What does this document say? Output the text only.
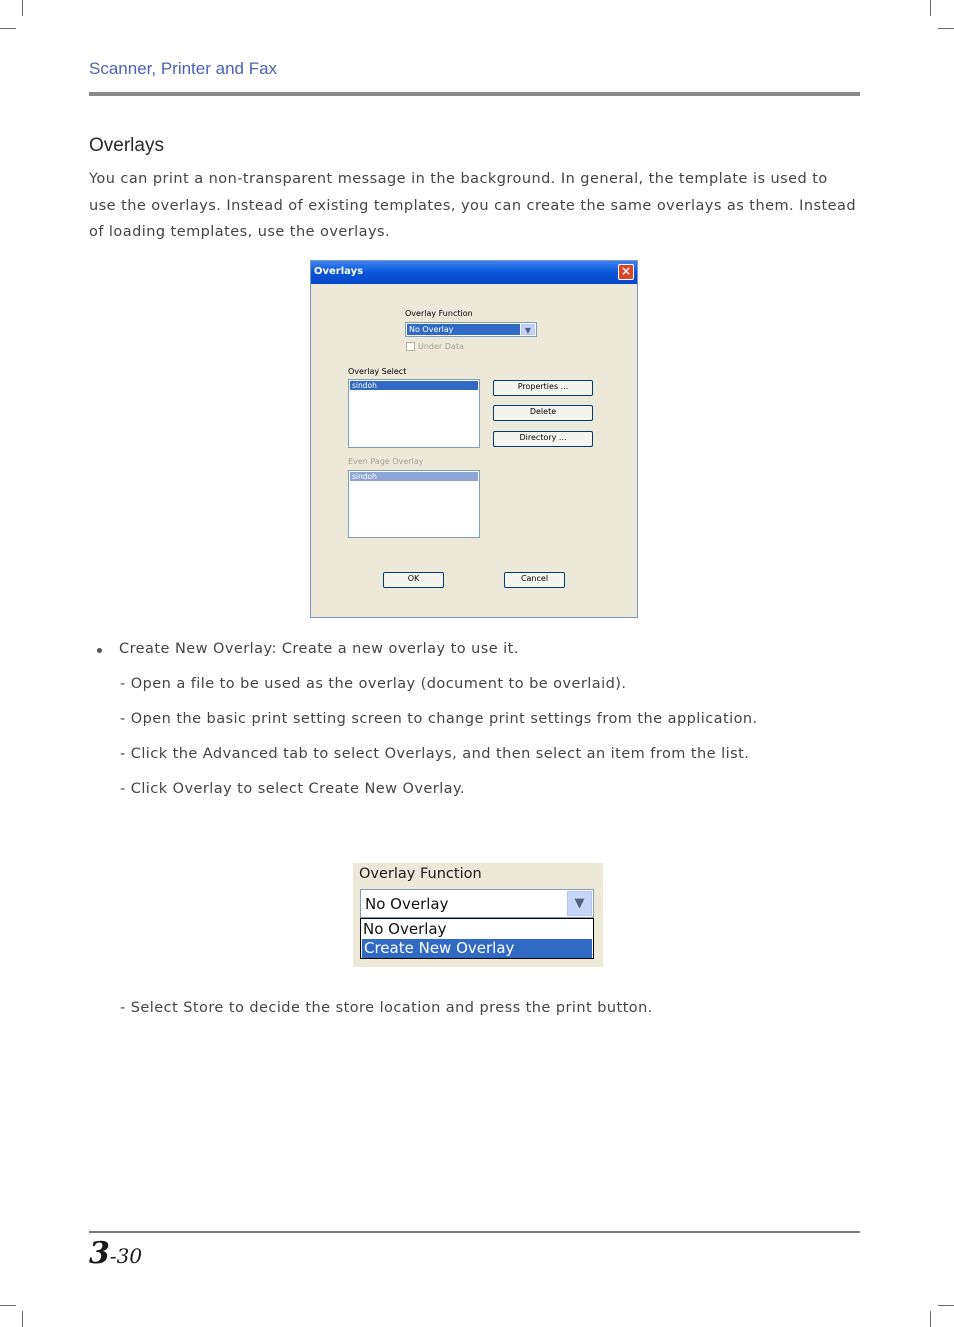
Scanner, Printer and Fax
Overlays

You can print a non-transparent message in the background. In general, the template is used to

use the overlays. Instead of existing templates, you can create the same overlays as them. Instead

of loading templates, use the overlays.

Overlays	×
Overlay Function
No Overlay	▼
Under Data
Overlay Select
sindoh	Properties ...
Delete
Directory ...
Even Page Overlay
sindoh
OK	Cancel
Create New Overlay: Create a new overlay to use it.
- Open a file to be used as the overlay (document to be overlaid).
- Open the basic print setting screen to change print settings from the application.
- Click the Advanced tab to select Overlays, and then select an item from the list.
- Click Overlay to select Create New Overlay.
Overlay Function
No Overlay	▼
No Overlay
Create New Overlay
- Select Store to decide the store location and press the print button.
3-30
